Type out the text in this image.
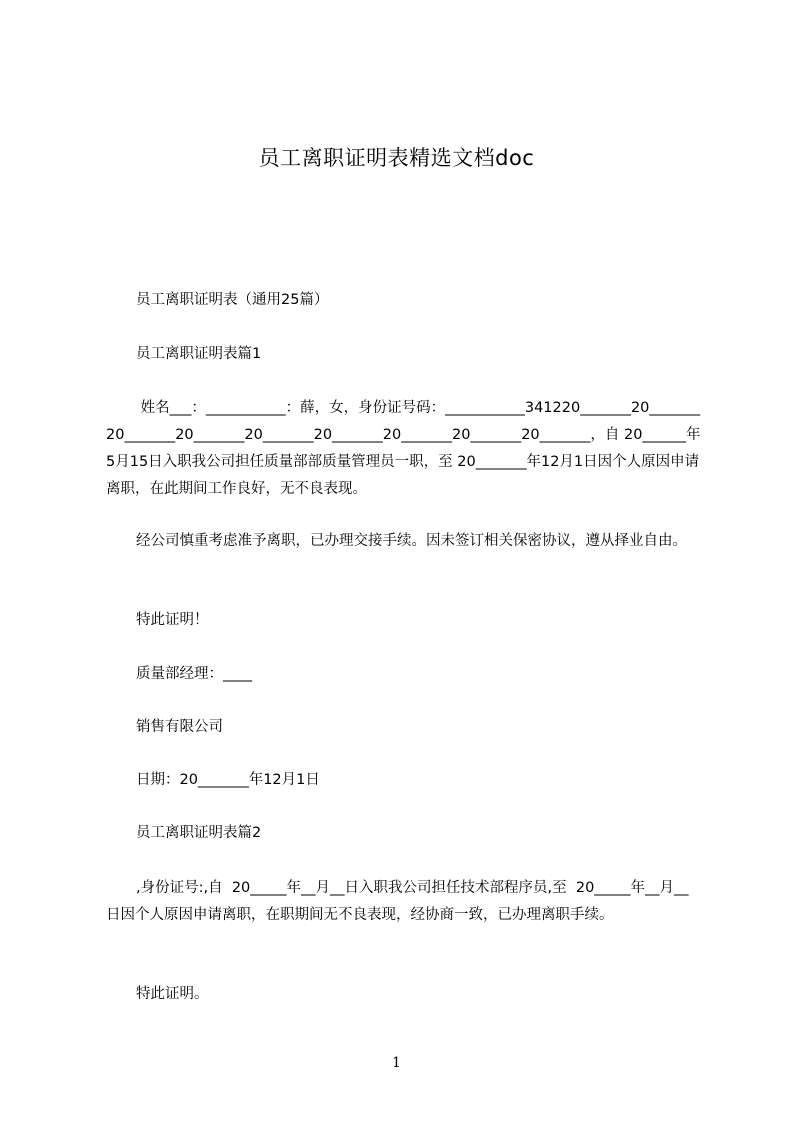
员工离职证明表精选文档doc
员工离职证明表（通用25篇）
员工离职证明表篇1
姓名___：___________：薛，女，身份证号码：___________341220_______20_______20_______20_______20_______20_______20_______20_______20_______，自 20______年5月15日入职我公司担任质量部部质量管理员一职，至 20_______年12月1日因个人原因申请离职，在此期间工作良好，无不良表现。
经公司慎重考虑准予离职，已办理交接手续。因未签订相关保密协议，遵从择业自由。
特此证明！
质量部经理：____
销售有限公司
日期：20_______年12月1日
员工离职证明表篇2
,身份证号:,自  20_____年__月__日入职我公司担任技术部程序员,至  20_____年__月__日因个人原因申请离职，在职期间无不良表现，经协商一致，已办理离职手续。
特此证明。
1
